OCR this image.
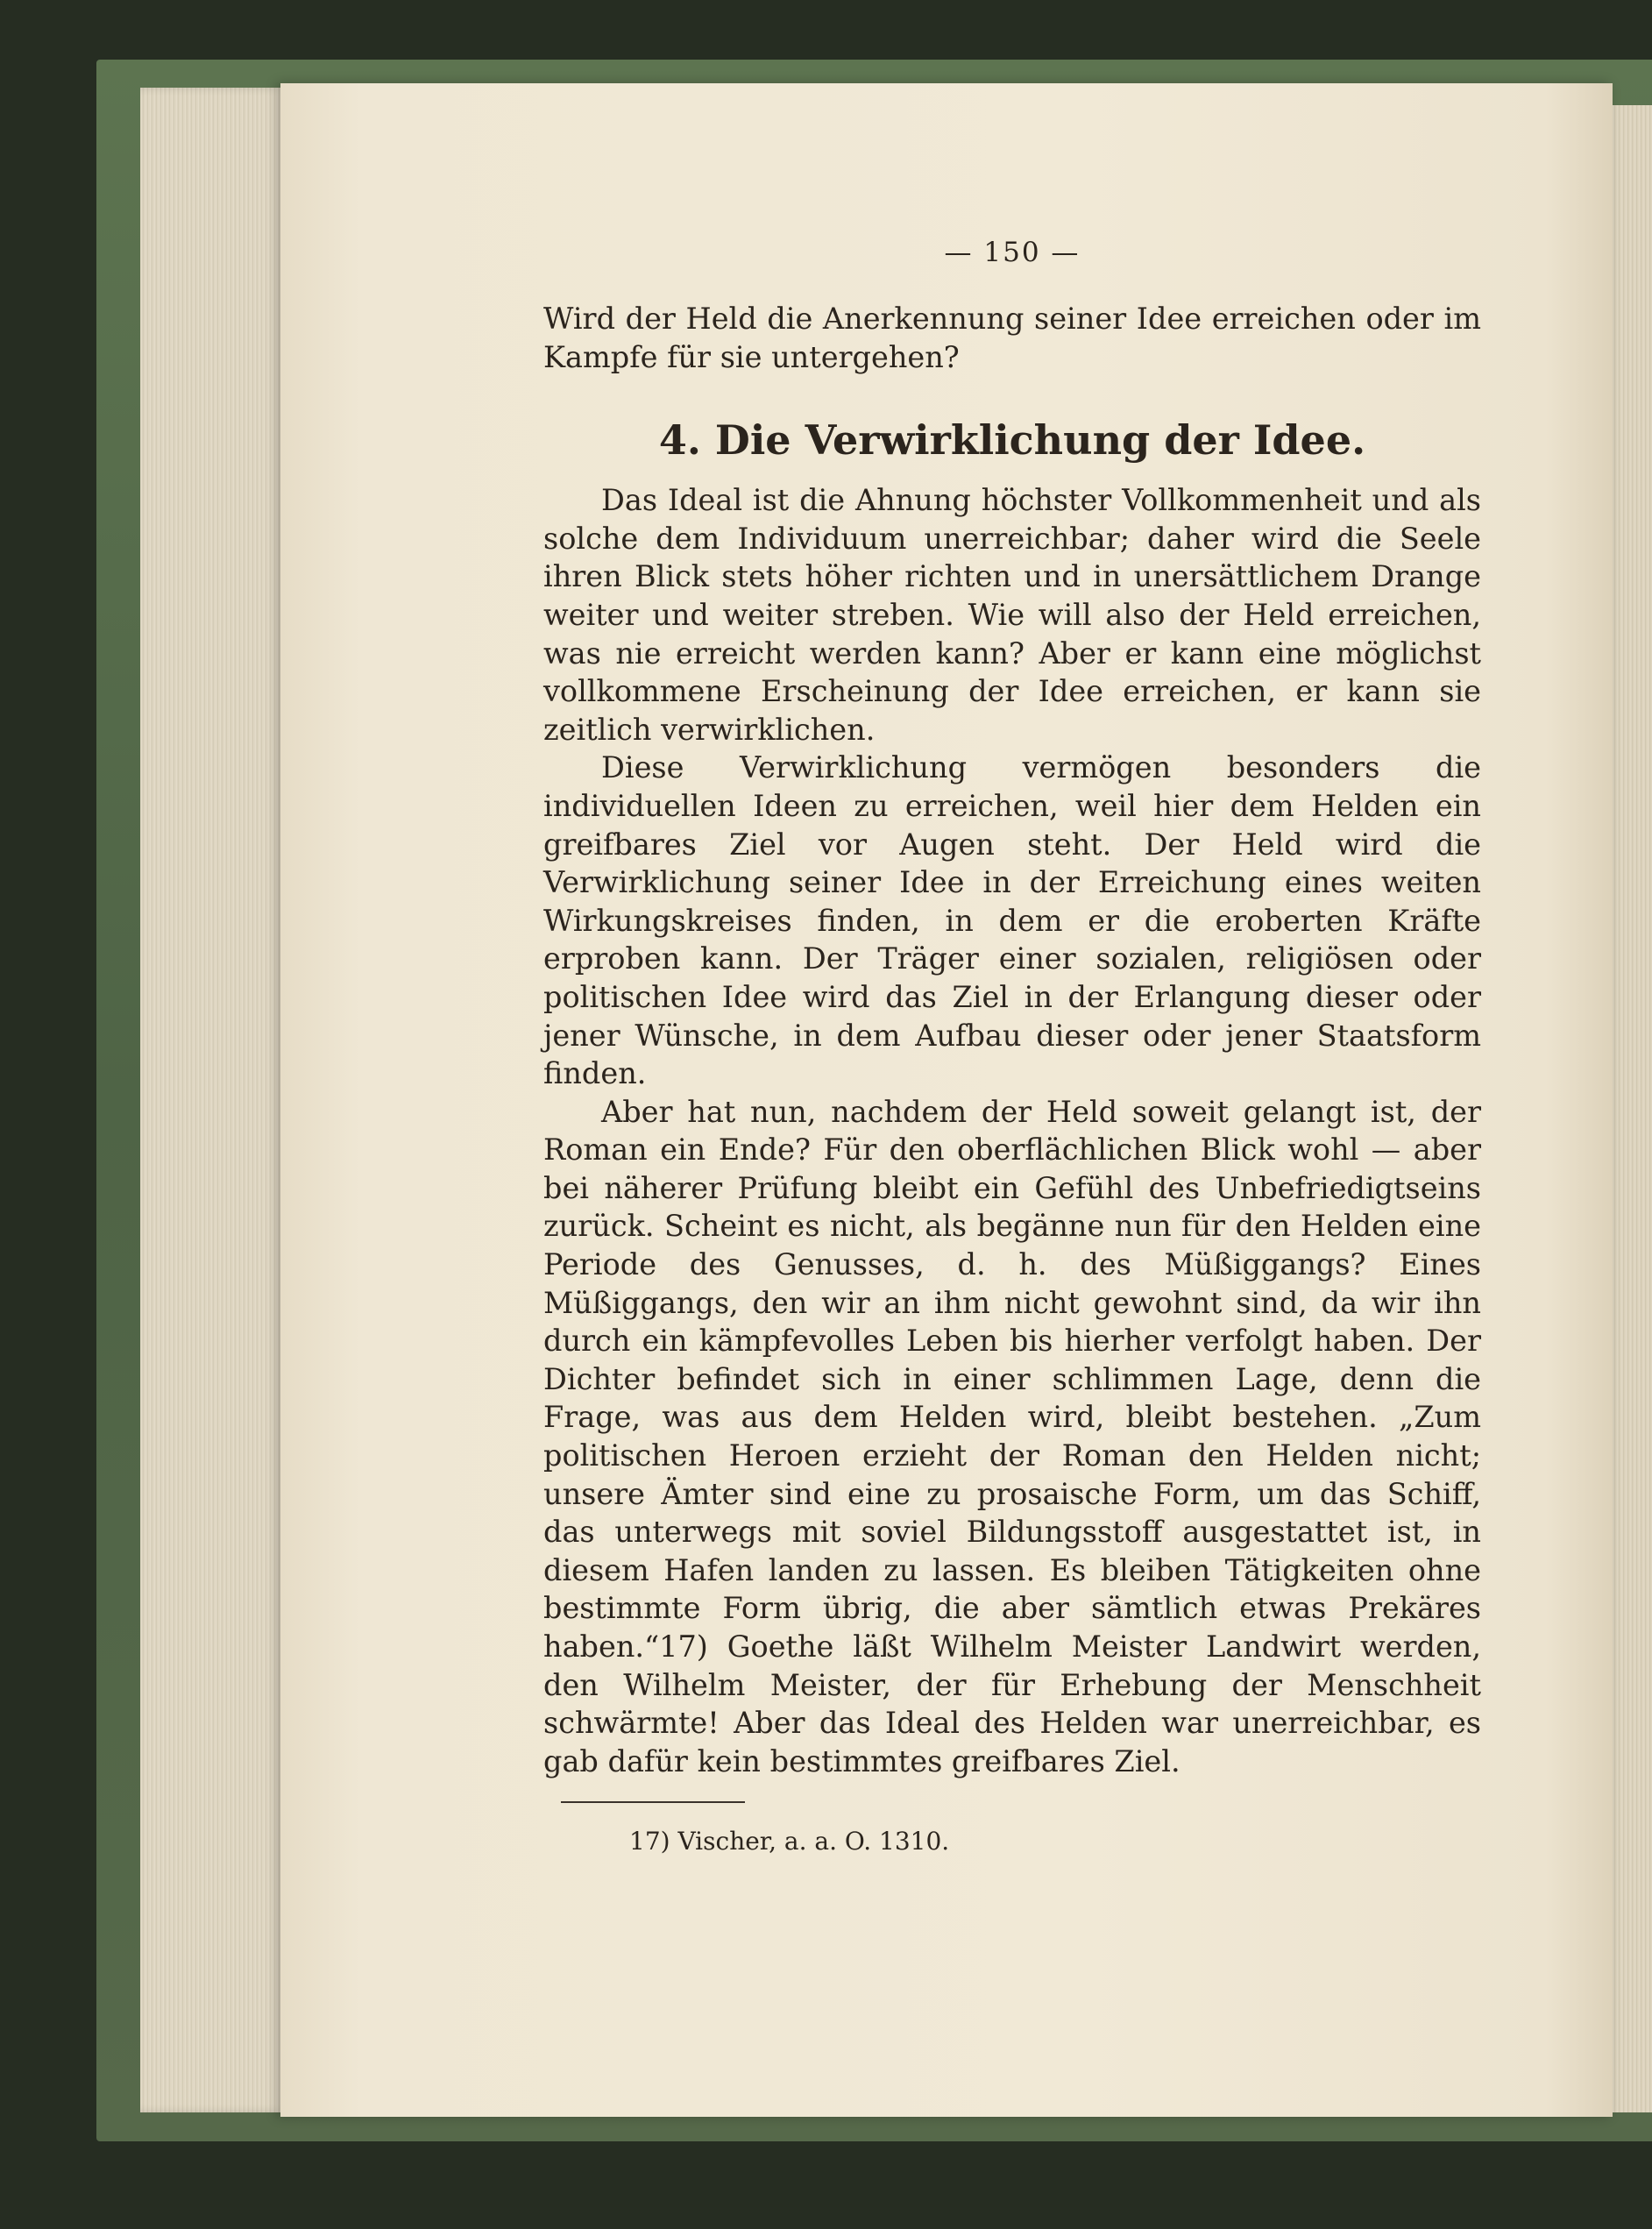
— 150 —

Wird der Held die Anerkennung seiner Idee erreichen oder im Kampfe für sie untergehen?

4. Die Verwirklichung der Idee.

Das Ideal ist die Ahnung höchster Vollkommenheit und als solche dem Individuum unerreichbar; daher wird die Seele ihren Blick stets höher richten und in unersättlichem Drange weiter und weiter streben. Wie will also der Held erreichen, was nie erreicht werden kann? Aber er kann eine möglichst vollkommene Erscheinung der Idee erreichen, er kann sie zeitlich verwirklichen.

Diese Verwirklichung vermögen besonders die individuellen Ideen zu erreichen, weil hier dem Helden ein greifbares Ziel vor Augen steht. Der Held wird die Verwirklichung seiner Idee in der Erreichung eines weiten Wirkungskreises finden, in dem er die eroberten Kräfte erproben kann. Der Träger einer sozialen, religiösen oder politischen Idee wird das Ziel in der Erlangung dieser oder jener Wünsche, in dem Aufbau dieser oder jener Staatsform finden.

Aber hat nun, nachdem der Held soweit gelangt ist, der Roman ein Ende? Für den oberflächlichen Blick wohl — aber bei näherer Prüfung bleibt ein Gefühl des Unbefriedigtseins zurück. Scheint es nicht, als begänne nun für den Helden eine Periode des Genusses, d. h. des Müßiggangs? Eines Müßiggangs, den wir an ihm nicht gewohnt sind, da wir ihn durch ein kämpfevolles Leben bis hierher verfolgt haben. Der Dichter befindet sich in einer schlimmen Lage, denn die Frage, was aus dem Helden wird, bleibt bestehen. „Zum politischen Heroen erzieht der Roman den Helden nicht; unsere Ämter sind eine zu prosaische Form, um das Schiff, das unterwegs mit soviel Bildungsstoff ausgestattet ist, in diesem Hafen landen zu lassen. Es bleiben Tätigkeiten ohne bestimmte Form übrig, die aber sämtlich etwas Prekäres haben.“17) Goethe läßt Wilhelm Meister Landwirt werden, den Wilhelm Meister, der für Erhebung der Menschheit schwärmte! Aber das Ideal des Helden war unerreichbar, es gab dafür kein bestimmtes greifbares Ziel.

17) Vischer, a. a. O. 1310.
